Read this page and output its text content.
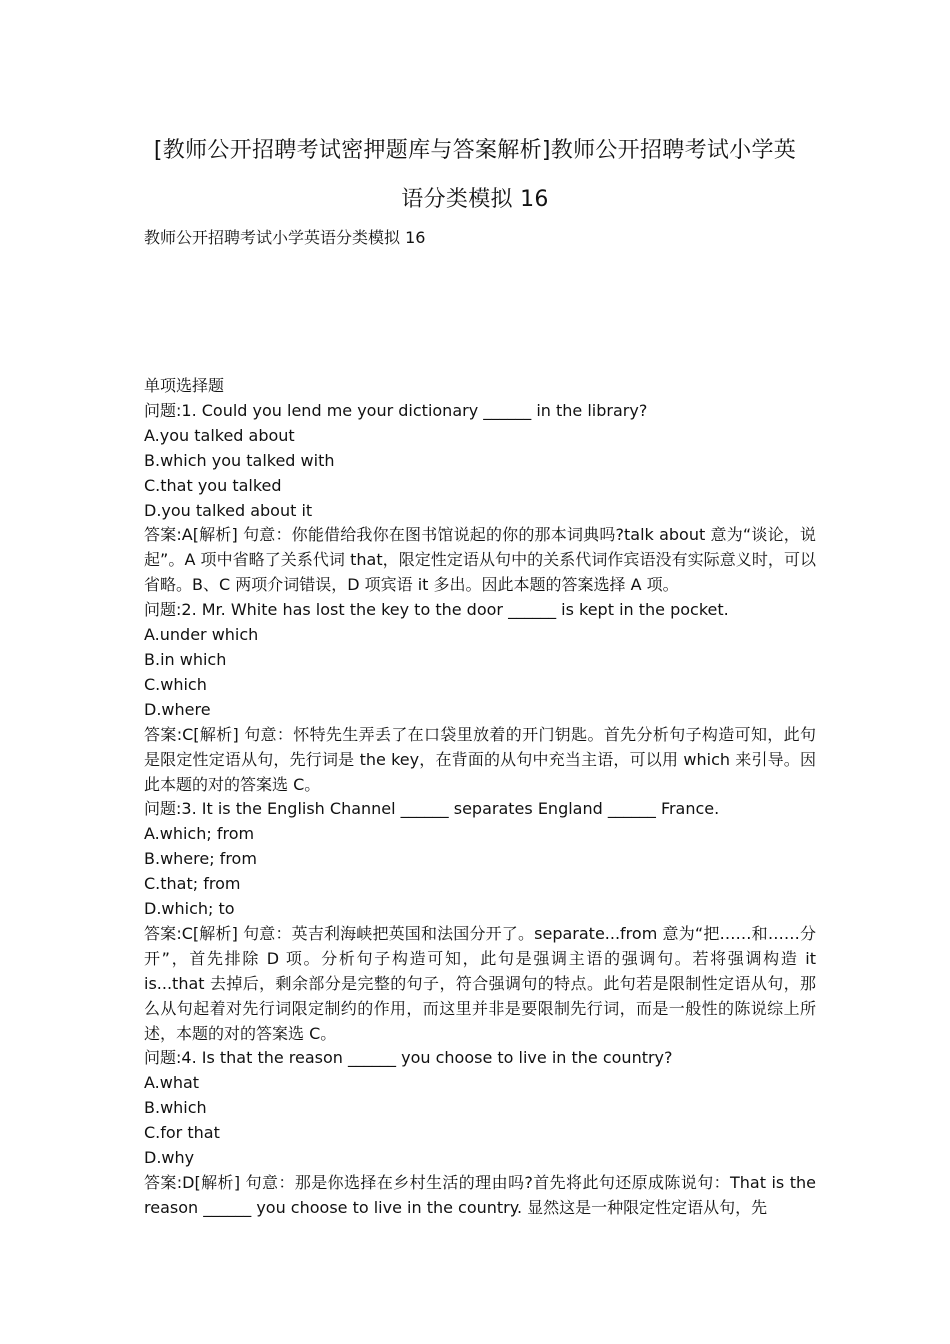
[教师公开招聘考试密押题库与答案解析]教师公开招聘考试小学英
语分类模拟 16
教师公开招聘考试小学英语分类模拟 16
单项选择题
问题:1. Could you lend me your dictionary ______ in the library?
A.you talked about
B.which you talked with
C.that you talked
D.you talked about it
答案:A[解析] 句意：你能借给我你在图书馆说起的你的那本词典吗?talk about 意为“谈论，说起”。A 项中省略了关系代词 that，限定性定语从句中的关系代词作宾语没有实际意义时，可以省略。B、C 两项介词错误，D 项宾语 it 多出。因此本题的答案选择 A 项。
问题:2. Mr. White has lost the key to the door ______ is kept in the pocket.
A.under which
B.in which
C.which
D.where
答案:C[解析] 句意：怀特先生弄丢了在口袋里放着的开门钥匙。首先分析句子构造可知，此句是限定性定语从句，先行词是 the key，在背面的从句中充当主语，可以用 which 来引导。因此本题的对的答案选 C。
问题:3. It is the English Channel ______ separates England ______ France.
A.which; from
B.where; from
C.that; from
D.which; to
答案:C[解析] 句意：英吉利海峡把英国和法国分开了。separate...from 意为“把……和……分开”，首先排除 D 项。分析句子构造可知，此句是强调主语的强调句。若将强调构造 it is...that 去掉后，剩余部分是完整的句子，符合强调句的特点。此句若是限制性定语从句，那么从句起着对先行词限定制约的作用，而这里并非是要限制先行词，而是一般性的陈说综上所述，本题的对的答案选 C。
问题:4. Is that the reason ______ you choose to live in the country?
A.what
B.which
C.for that
D.why
答案:D[解析] 句意：那是你选择在乡村生活的理由吗?首先将此句还原成陈说句：That is the reason ______ you choose to live in the country. 显然这是一种限定性定语从句，先
